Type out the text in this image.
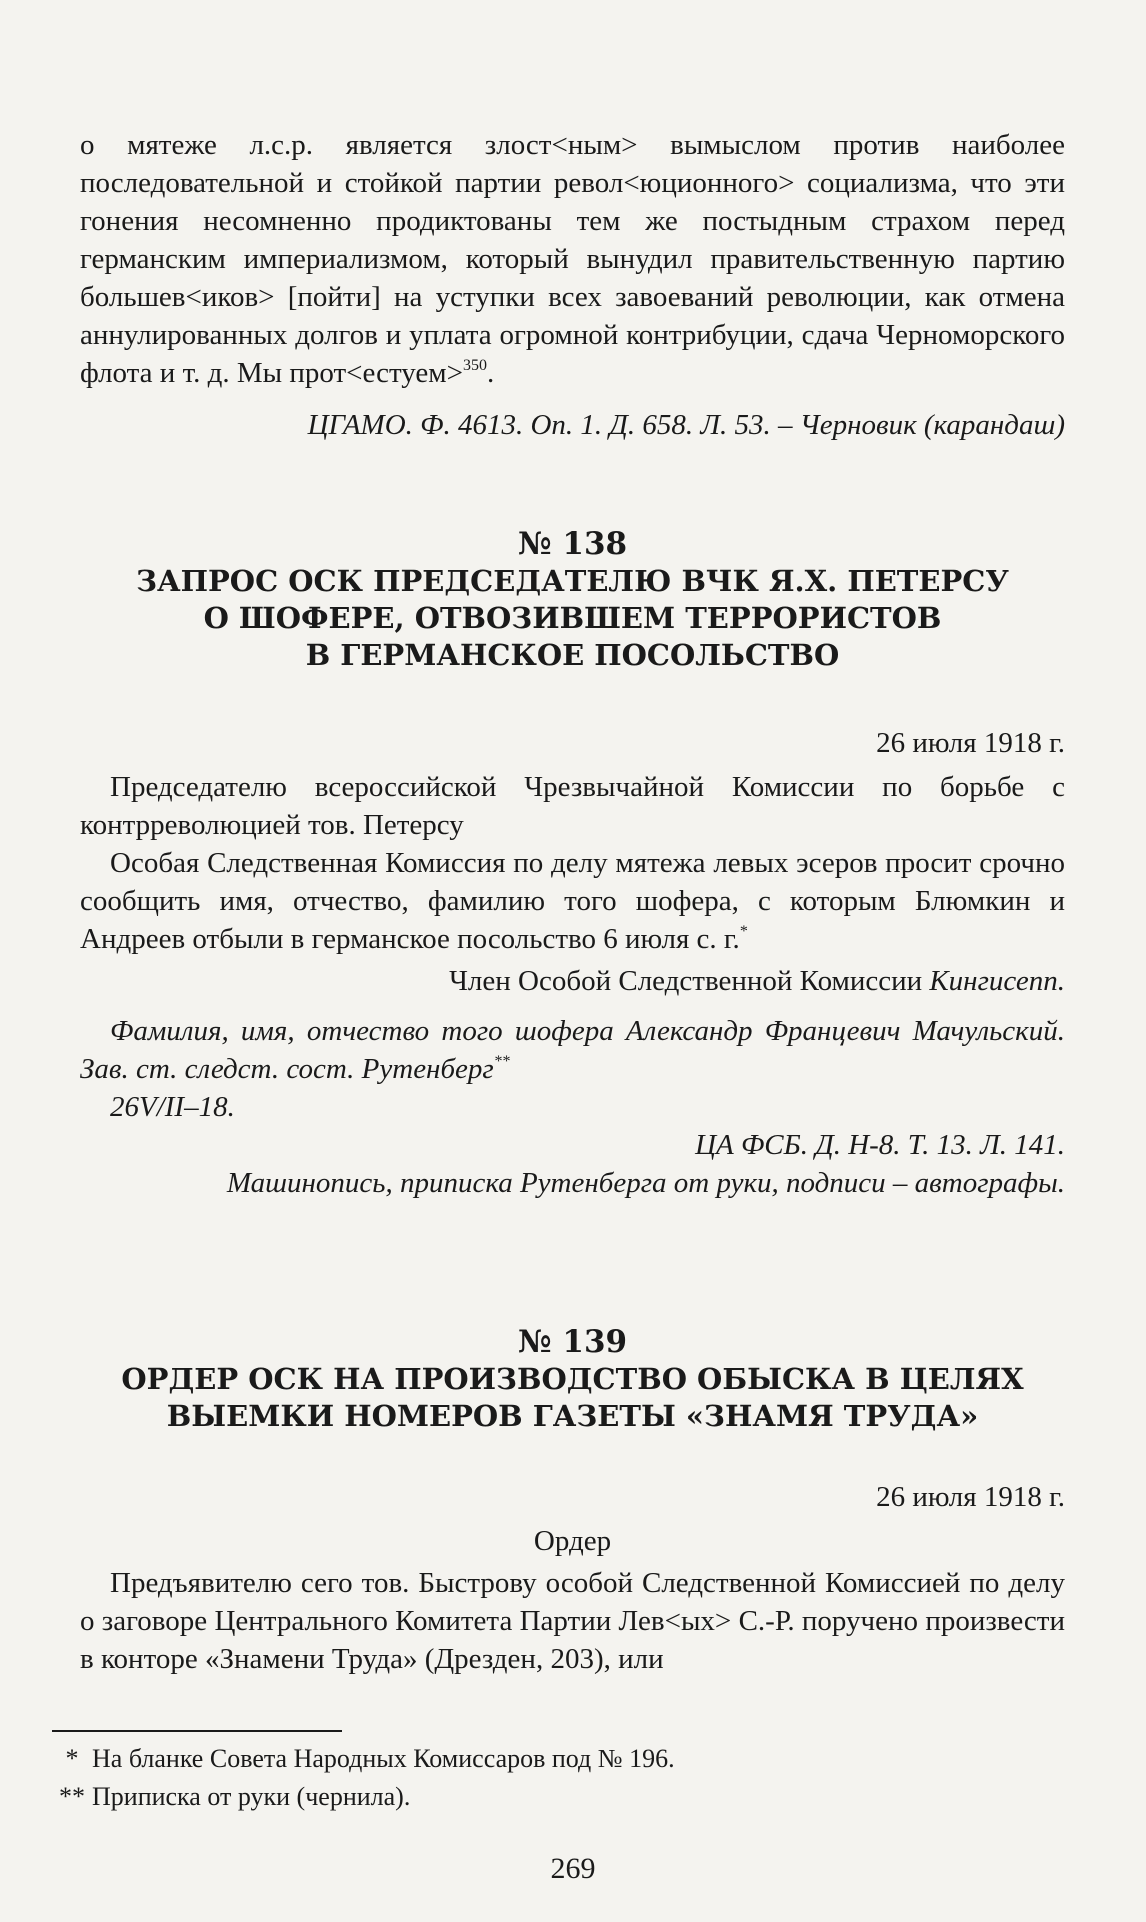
о мятеже л.с.р. является злост<ным> вымыслом против наиболее последовательной и стойкой партии револ<юционного> социализма, что эти гонения несомненно продиктованы тем же постыдным страхом перед германским империализмом, который вынудил правительственную партию большев<иков> [пойти] на уступки всех завоеваний революции, как отмена аннулированных долгов и уплата огромной контрибуции, сдача Черноморского флота и т. д. Мы прот<естуем>$^{350}$.

ЦГАМО. Ф. 4613. Оп. 1. Д. 658. Л. 53. – Черновик (карандаш)

№ 138

ЗАПРОС ОСК ПРЕДСЕДАТЕЛЮ ВЧК Я.Х. ПЕТЕРСУ

О ШОФЕРЕ, ОТВОЗИВШЕМ ТЕРРОРИСТОВ

В ГЕРМАНСКОЕ ПОСОЛЬСТВО

26 июля 1918 г.

Председателю всероссийской Чрезвычайной Комиссии по борьбе с контрреволюцией тов. Петерсу

Особая Следственная Комиссия по делу мятежа левых эсеров просит срочно сообщить имя, отчество, фамилию того шофера, с которым Блюмкин и Андреев отбыли в германское посольство 6 июля с. г.*

Член Особой Следственной Комиссии Кингисепп.

Фамилия, имя, отчество того шофера Александр Францевич Мачульский. Зав. ст. следст. сост. Рутенберг**

26V/II–18.

ЦА ФСБ. Д. Н-8. Т. 13. Л. 141.

Машинопись, приписка Рутенберга от руки, подписи – автографы.

№ 139

ОРДЕР ОСК НА ПРОИЗВОДСТВО ОБЫСКА В ЦЕЛЯХ

ВЫЕМКИ НОМЕРОВ ГАЗЕТЫ «ЗНАМЯ ТРУДА»

26 июля 1918 г.

Ордер

Предъявителю сего тов. Быстрову особой Следственной Комиссией по делу о заговоре Центрального Комитета Партии Лев<ых> С.-Р. поручено произвести в конторе «Знамени Труда» (Дрезден, 203), или

* На бланке Совета Народных Комиссаров под № 196.
** Приписка от руки (чернила).
269
